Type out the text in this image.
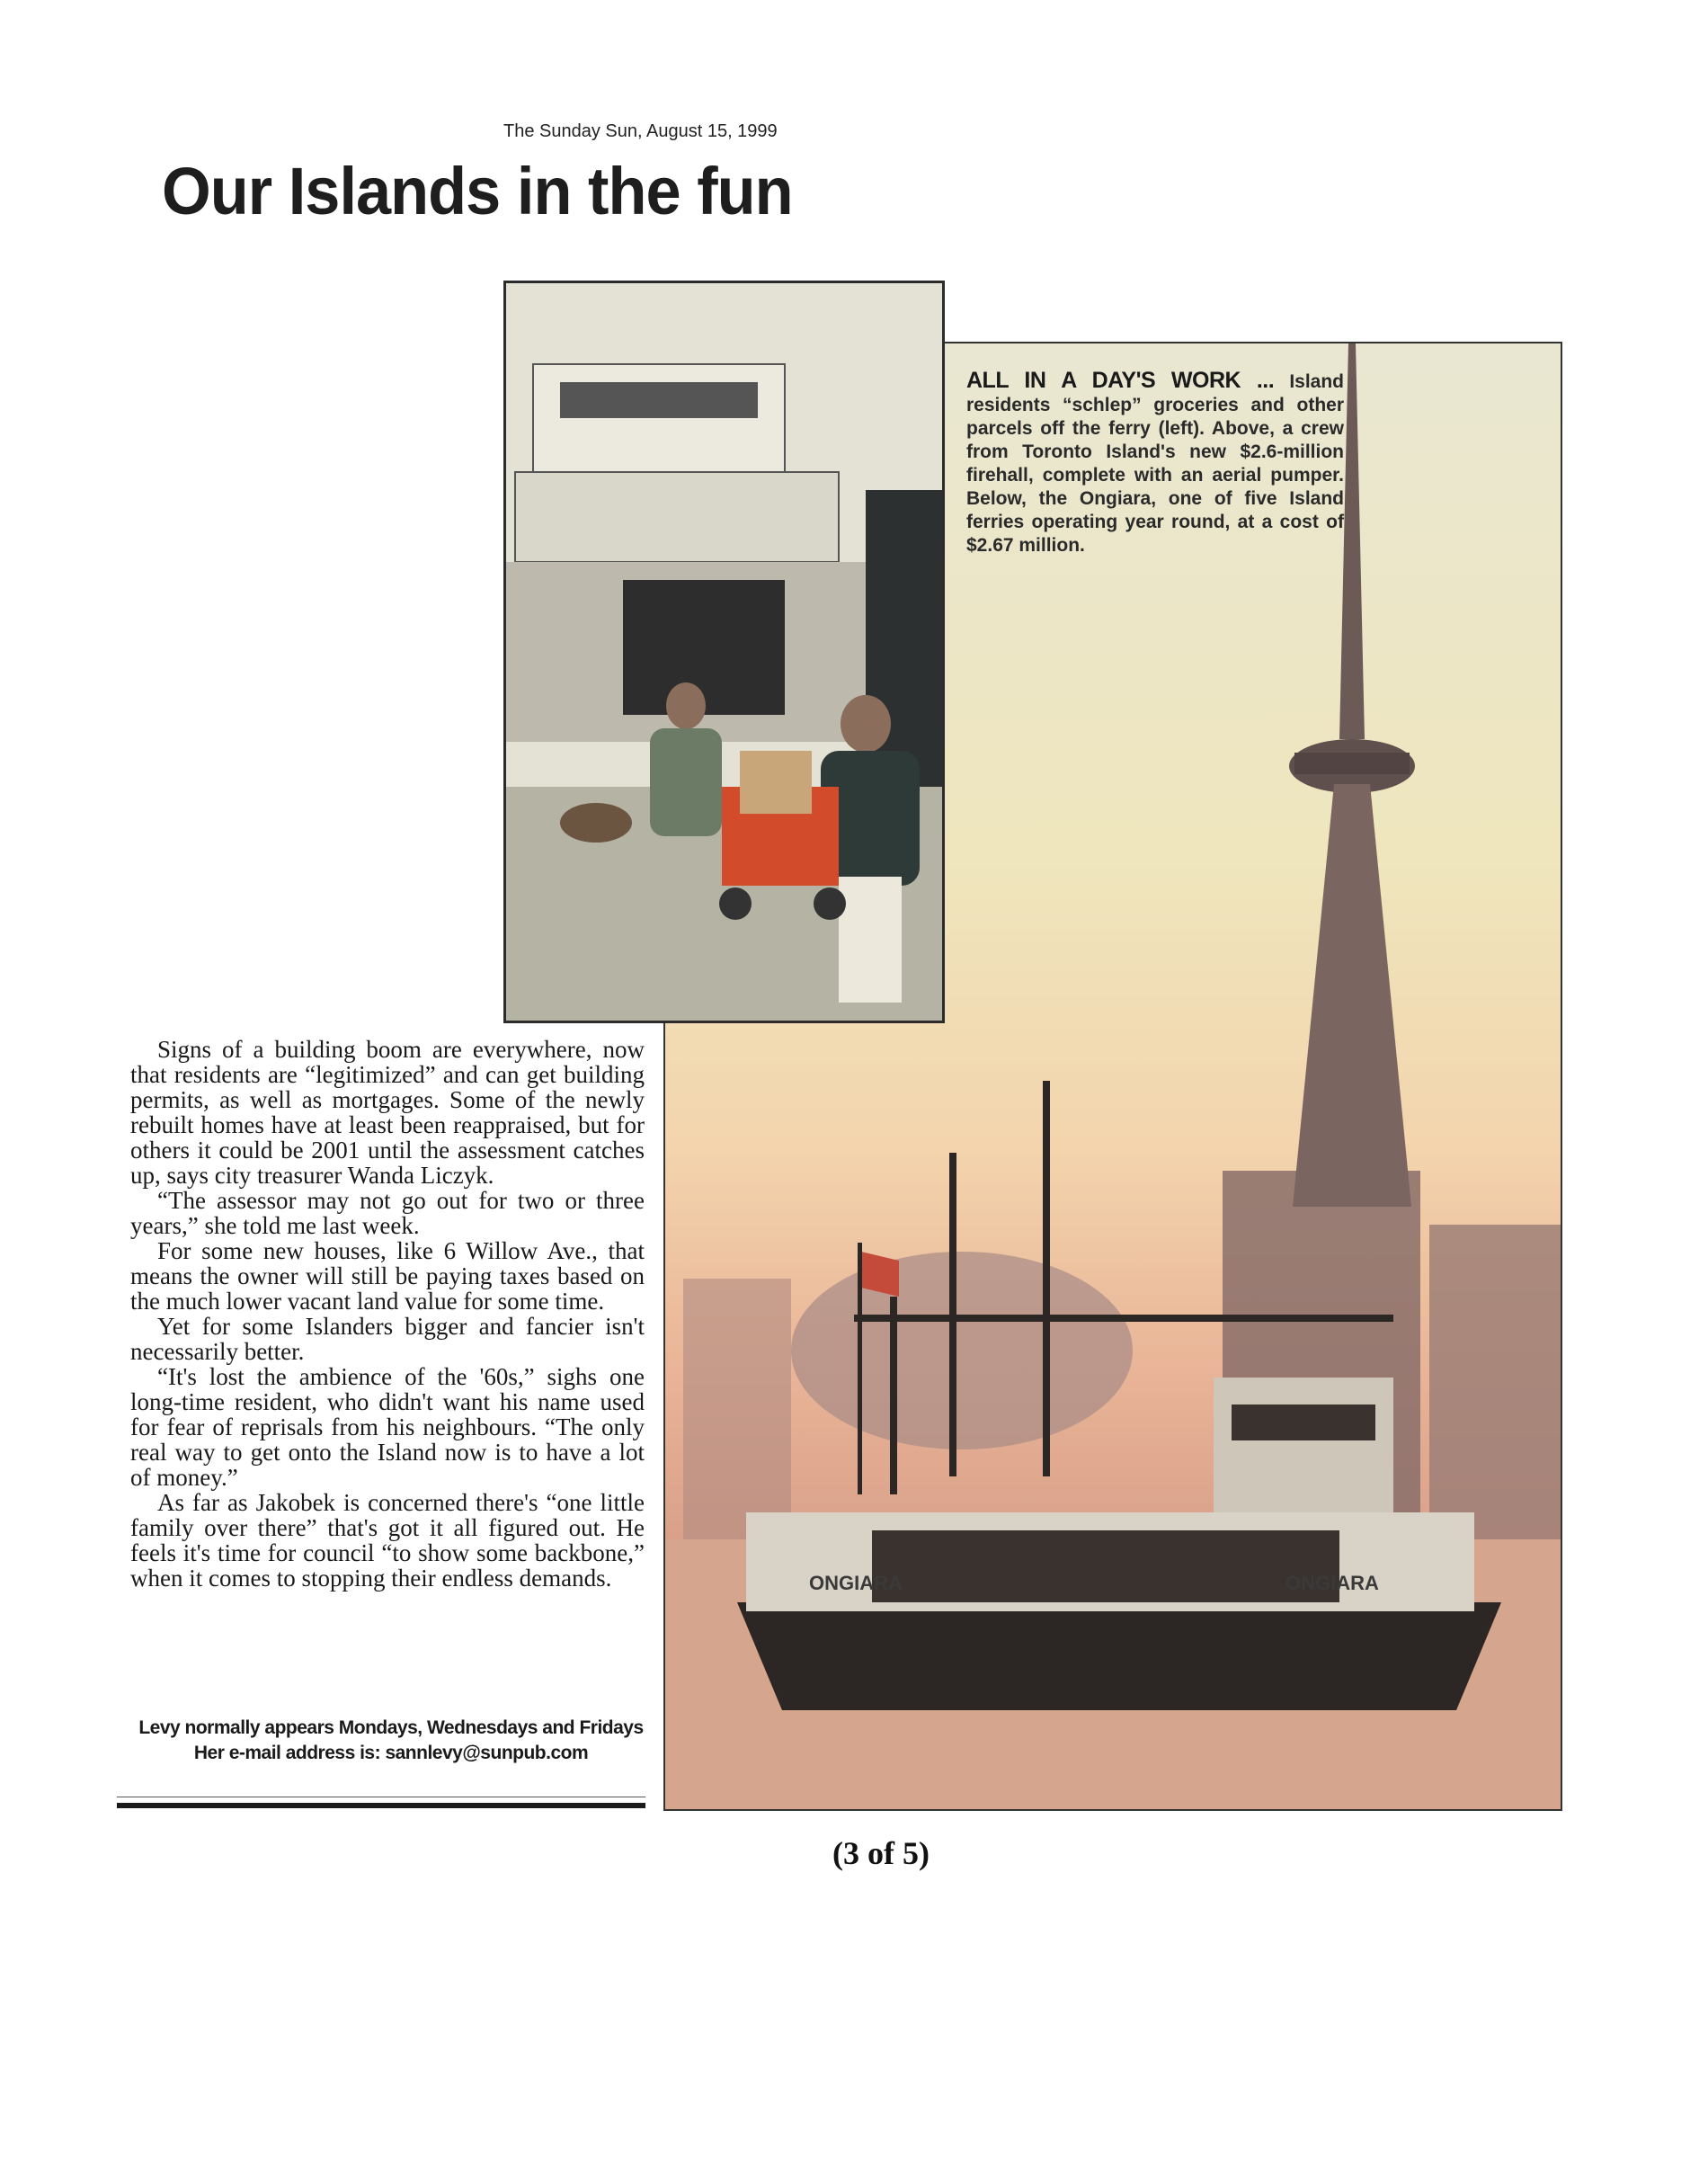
The Sunday Sun, August 15, 1999
Our Islands in the fun
ONGIARA	ONGIARA
ALL IN A DAY'S WORK ... Island residents “schlep” groceries and other parcels off the ferry (left). Above, a crew from Toronto Island's new $2.6-million firehall, complete with an aerial pumper. Below, the Ongiara, one of five Island ferries operating year round, at a cost of $2.67 million.

Signs of a building boom are everywhere, now that residents are “legitimized” and can get building permits, as well as mortgages. Some of the newly rebuilt homes have at least been reappraised, but for others it could be 2001 until the assessment catches up, says city treasurer Wanda Liczyk.

“The assessor may not go out for two or three years,” she told me last week.

For some new houses, like 6 Willow Ave., that means the owner will still be paying taxes based on the much lower vacant land value for some time.

Yet for some Islanders bigger and fancier isn't necessarily better.

“It's lost the ambience of the '60s,” sighs one long-time resident, who didn't want his name used for fear of reprisals from his neighbours. “The only real way to get onto the Island now is to have a lot of money.”

As far as Jakobek is concerned there's “one little family over there” that's got it all figured out. He feels it's time for council “to show some backbone,” when it comes to stopping their endless demands.

Levy normally appears Mondays, Wednesdays and Fridays
Her e-mail address is: sannlevy@sunpub.com
(3 of 5)
